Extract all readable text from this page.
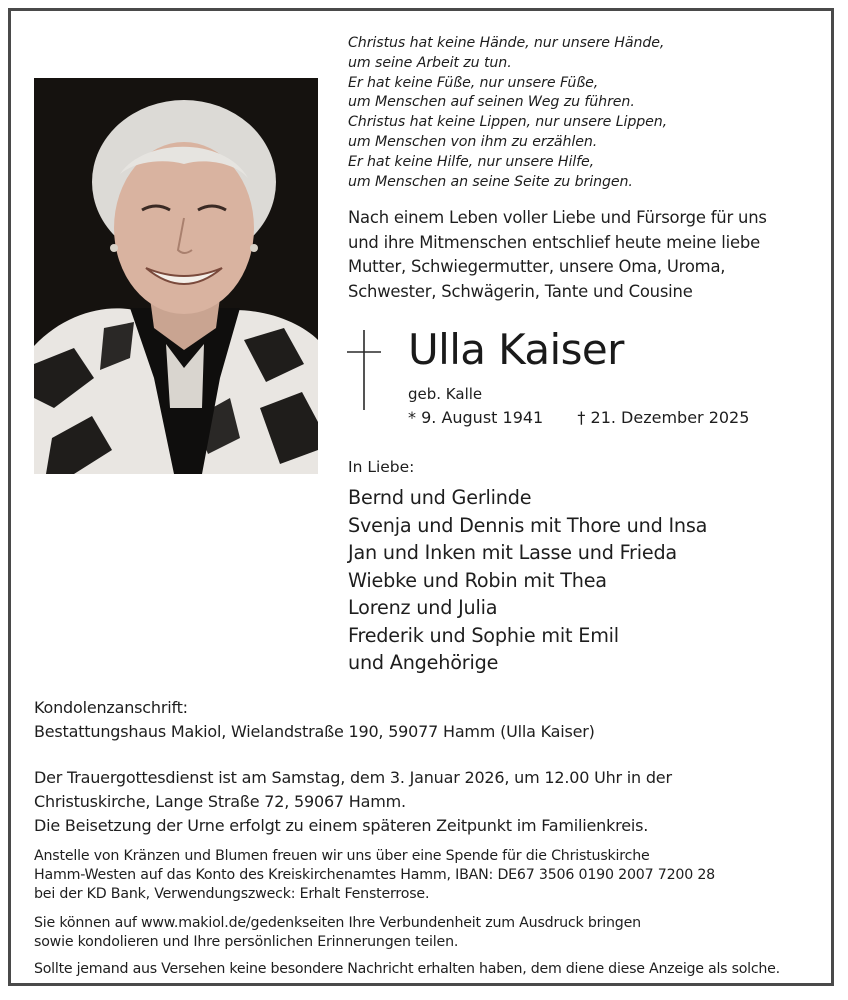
Christus hat keine Hände, nur unsere Hände,
um seine Arbeit zu tun.
Er hat keine Füße, nur unsere Füße,
um Menschen auf seinen Weg zu führen.
Christus hat keine Lippen, nur unsere Lippen,
um Menschen von ihm zu erzählen.
Er hat keine Hilfe, nur unsere Hilfe,
um Menschen an seine Seite zu bringen.
Nach einem Leben voller Liebe und Fürsorge für uns
und ihre Mitmenschen entschlief heute meine liebe
Mutter, Schwiegermutter, unsere Oma, Uroma,
Schwester, Schwägerin, Tante und Cousine
Ulla Kaiser
geb. Kalle
* 9. August 1941 † 21. Dezember 2025
In Liebe:
Bernd und Gerlinde
Svenja und Dennis mit Thore und Insa
Jan und Inken mit Lasse und Frieda
Wiebke und Robin mit Thea
Lorenz und Julia
Frederik und Sophie mit Emil
und Angehörige
Kondolenzanschrift:
Bestattungshaus Makiol, Wielandstraße 190, 59077 Hamm (Ulla Kaiser)
Der Trauergottesdienst ist am Samstag, dem 3. Januar 2026, um 12.00 Uhr in der
Christuskirche, Lange Straße 72, 59067 Hamm.
Die Beisetzung der Urne erfolgt zu einem späteren Zeitpunkt im Familienkreis.
Anstelle von Kränzen und Blumen freuen wir uns über eine Spende für die Christuskirche
Hamm-Westen auf das Konto des Kreiskirchenamtes Hamm, IBAN: DE67 3506 0190 2007 7200 28
bei der KD Bank, Verwendungszweck: Erhalt Fensterrose.
Sie können auf www.makiol.de/gedenkseiten Ihre Verbundenheit zum Ausdruck bringen
sowie kondolieren und Ihre persönlichen Erinnerungen teilen.
Sollte jemand aus Versehen keine besondere Nachricht erhalten haben, dem diene diese Anzeige als solche.
